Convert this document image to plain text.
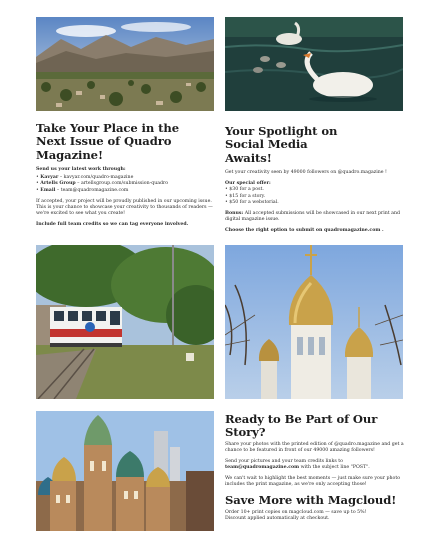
Take Your Place in the Next Issue of Quadro Magazine!

Send us your latest work through:

• Kavyar – kavyar.com/quadro-magazine
• Artells Group – artellsgroup.com/submission-quadro
• Email – team@quadromagazine.com

If accepted, your project will be proudly published in our upcoming issue. This is your chance to showcase your creativity to thousands of readers — we're excited to see what you create!

Include full team credits so we can tag everyone involved.

Your Spotlight on Social Media Awaits!

Get your creativity seen by 49000 followers on @quadro.magazine !

Our special offer:

• $30 for a post.
• $15 for a story.
• $50 for a webstorial.

Bonus: All accepted submissions will be showcased in our next print and digital magazine issue.

Choose the right option to submit on quadromagazine.com .

Ready to Be Part of Our Story?

Share your photos with the printed edition of @quadro.magazine and get a chance to be featured in front of our 49000 amazing followers!

Send your pictures and your team credits links to team@quadromagazine.com with the subject line "POST".

We can't wait to highlight the best moments — just make sure your photo includes the print magazine, as we're only accepting those!

Save More with Magcloud!

Order 10+ print copies on magcloud.com — save up to 5%!

Discount applied automatically at checkout.
